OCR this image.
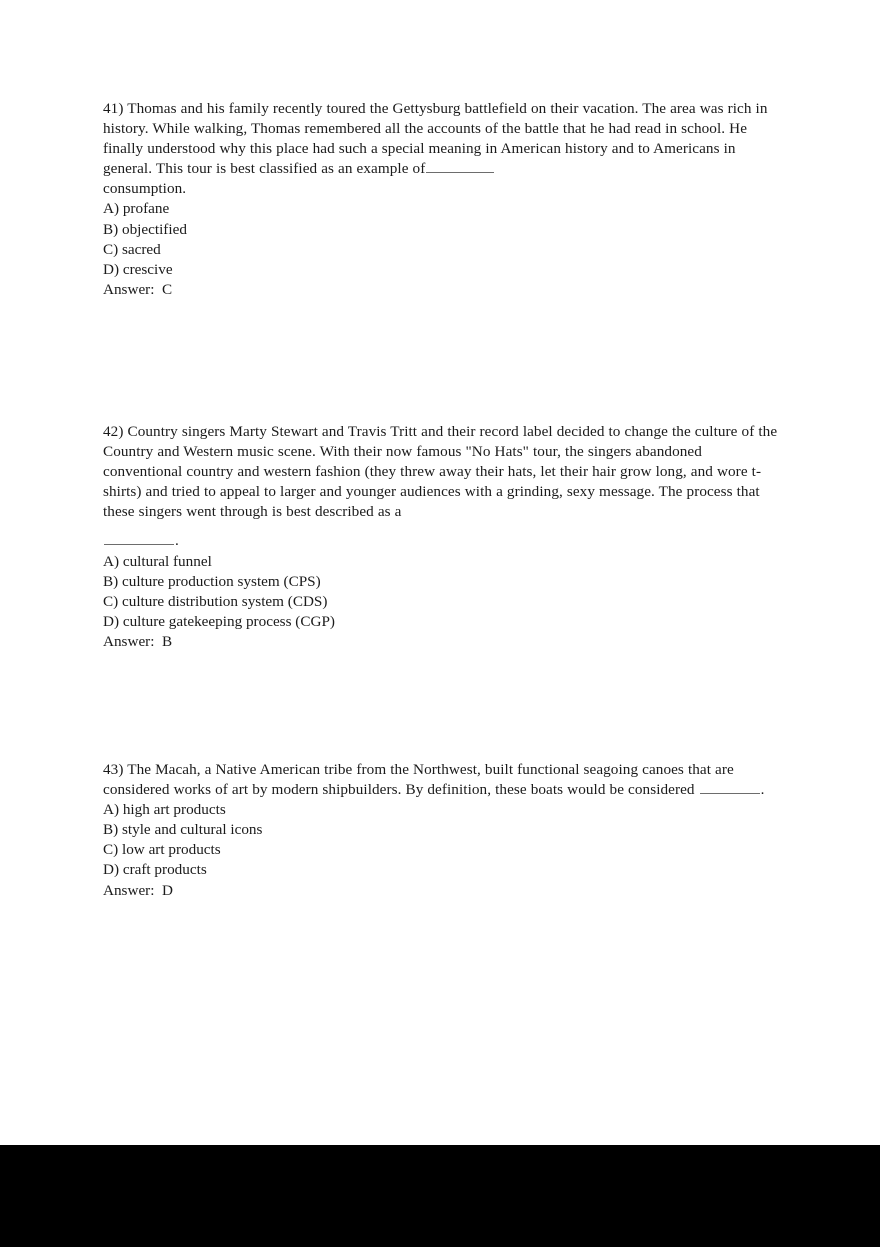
41) Thomas and his family recently toured the Gettysburg battlefield on their vacation. The area was rich in history. While walking, Thomas remembered all the accounts of the battle that he had read in school. He finally understood why this place had such a special meaning in American history and to Americans in general. This tour is best classified as an example of
consumption.

A) profane
B) objectified
C) sacred
D) crescive

Answer:  C

42) Country singers Marty Stewart and Travis Tritt and their record label decided to change the culture of the Country and Western music scene. With their now famous "No Hats" tour, the singers abandoned conventional country and western fashion (they threw away their hats, let their hair grow long, and wore t-shirts) and tried to appeal to larger and younger audiences with a grinding, sexy message. The process that these singers went through is best described as a

.

A) cultural funnel
B) culture production system (CPS)
C) culture distribution system (CDS)
D) culture gatekeeping process (CGP)

Answer:  B

43) The Macah, a Native American tribe from the Northwest, built functional seagoing canoes that are considered works of art by modern shipbuilders. By definition, these boats would be considered	.

A) high art products
B) style and cultural icons
C) low art products
D) craft products

Answer:  D
